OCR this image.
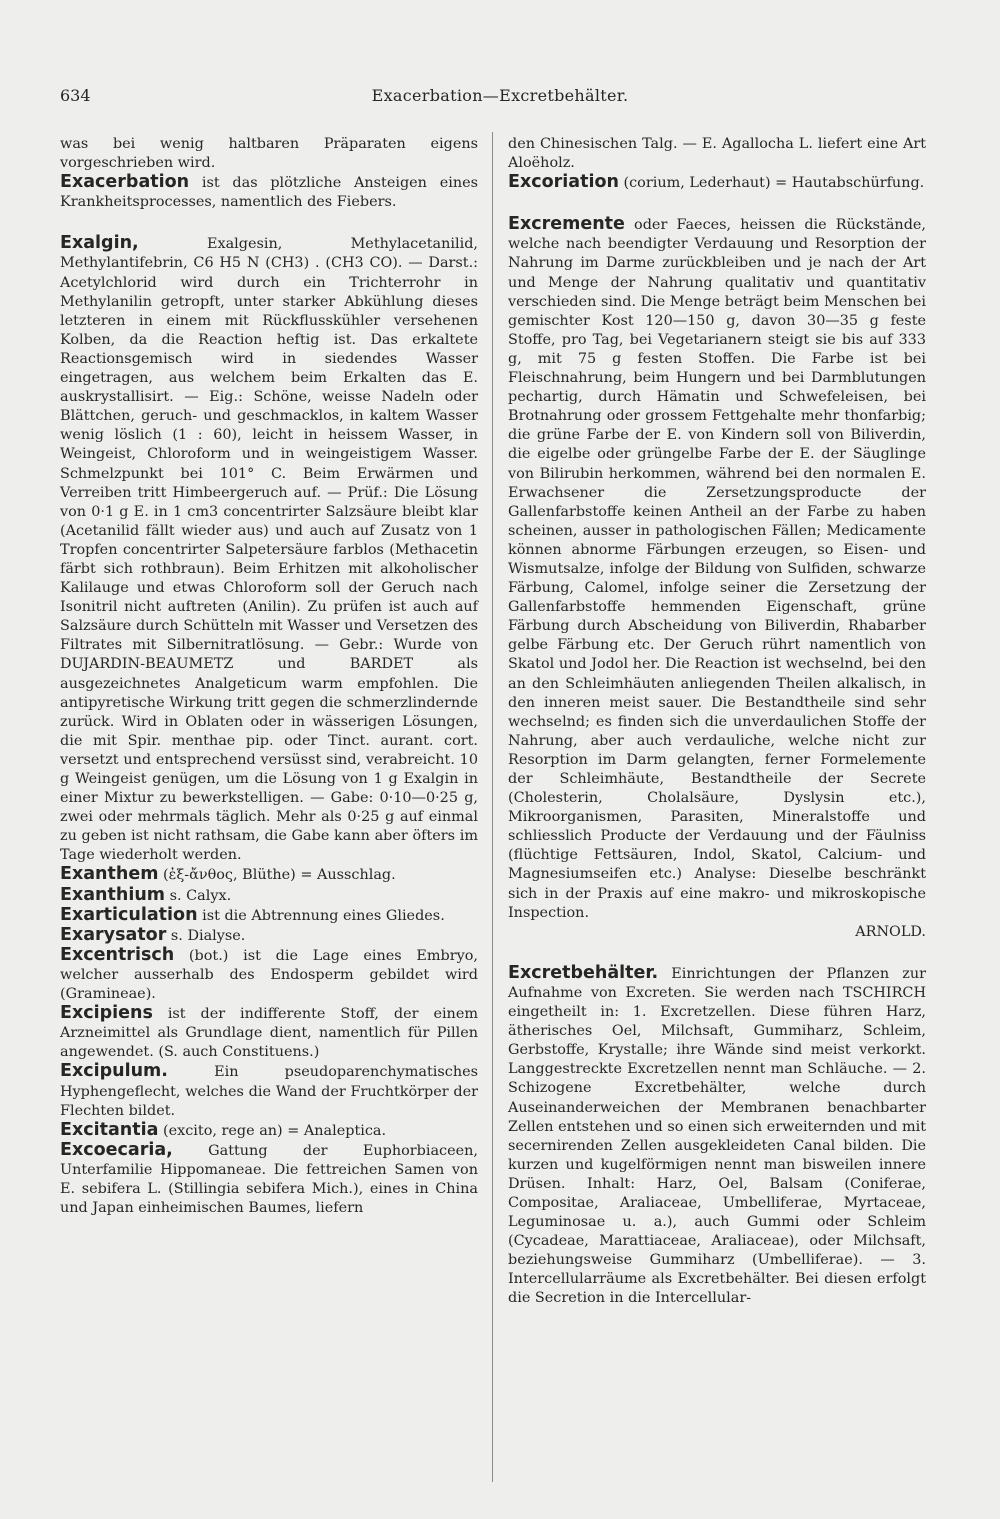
634	Exacerbation—Excretbehälter.

was bei wenig haltbaren Präparaten eigens vorgeschrieben wird.

Exacerbation ist das plötzliche Ansteigen eines Krankheitsprocesses, namentlich des Fiebers.

Exalgin, Exalgesin, Methylacetanilid, Methylantifebrin, C6 H5 N (CH3) . (CH3 CO). — Darst.: Acetylchlorid wird durch ein Trichterrohr in Methylanilin getropft, unter starker Abkühlung dieses letzteren in einem mit Rückflusskühler versehenen Kolben, da die Reaction heftig ist. Das erkaltete Reactionsgemisch wird in siedendes Wasser eingetragen, aus welchem beim Erkalten das E. auskrystallisirt. — Eig.: Schöne, weisse Nadeln oder Blättchen, geruch- und geschmacklos, in kaltem Wasser wenig löslich (1 : 60), leicht in heissem Wasser, in Weingeist, Chloroform und in weingeistigem Wasser. Schmelzpunkt bei 101° C. Beim Erwärmen und Verreiben tritt Himbeergeruch auf. — Prüf.: Die Lösung von 0·1 g E. in 1 cm3 concentrirter Salzsäure bleibt klar (Acetanilid fällt wieder aus) und auch auf Zusatz von 1 Tropfen concentrirter Salpetersäure farblos (Methacetin färbt sich rothbraun). Beim Erhitzen mit alkoholischer Kalilauge und etwas Chloroform soll der Geruch nach Isonitril nicht auftreten (Anilin). Zu prüfen ist auch auf Salzsäure durch Schütteln mit Wasser und Versetzen des Filtrates mit Silbernitratlösung. — Gebr.: Wurde von DUJARDIN-BEAUMETZ und BARDET als ausgezeichnetes Analgeticum warm empfohlen. Die antipyretische Wirkung tritt gegen die schmerzlindernde zurück. Wird in Oblaten oder in wässerigen Lösungen, die mit Spir. menthae pip. oder Tinct. aurant. cort. versetzt und entsprechend versüsst sind, verabreicht. 10 g Weingeist genügen, um die Lösung von 1 g Exalgin in einer Mixtur zu bewerkstelligen. — Gabe: 0·10—0·25 g, zwei oder mehrmals täglich. Mehr als 0·25 g auf einmal zu geben ist nicht rathsam, die Gabe kann aber öfters im Tage wiederholt werden.

Exanthem (ἐξ-ἄνθος, Blüthe) = Ausschlag.

Exanthium s. Calyx.

Exarticulation ist die Abtrennung eines Gliedes.

Exarysator s. Dialyse.

Excentrisch (bot.) ist die Lage eines Embryo, welcher ausserhalb des Endosperm gebildet wird (Gramineae).

Excipiens ist der indifferente Stoff, der einem Arzneimittel als Grundlage dient, namentlich für Pillen angewendet. (S. auch Constituens.)

Excipulum. Ein pseudoparenchymatisches Hyphengeflecht, welches die Wand der Fruchtkörper der Flechten bildet.

Excitantia (excito, rege an) = Analeptica.

Excoecaria, Gattung der Euphorbiaceen, Unterfamilie Hippomaneae. Die fettreichen Samen von E. sebifera L. (Stillingia sebifera Mich.), eines in China und Japan einheimischen Baumes, liefern

den Chinesischen Talg. — E. Agallocha L. liefert eine Art Aloëholz.

Excoriation (corium, Lederhaut) = Hautabschürfung.

Excremente oder Faeces, heissen die Rückstände, welche nach beendigter Verdauung und Resorption der Nahrung im Darme zurückbleiben und je nach der Art und Menge der Nahrung qualitativ und quantitativ verschieden sind. Die Menge beträgt beim Menschen bei gemischter Kost 120—150 g, davon 30—35 g feste Stoffe, pro Tag, bei Vegetarianern steigt sie bis auf 333 g, mit 75 g festen Stoffen. Die Farbe ist bei Fleischnahrung, beim Hungern und bei Darmblutungen pechartig, durch Hämatin und Schwefeleisen, bei Brotnahrung oder grossem Fettgehalte mehr thonfarbig; die grüne Farbe der E. von Kindern soll von Biliverdin, die eigelbe oder grüngelbe Farbe der E. der Säuglinge von Bilirubin herkommen, während bei den normalen E. Erwachsener die Zersetzungsproducte der Gallenfarbstoffe keinen Antheil an der Farbe zu haben scheinen, ausser in pathologischen Fällen; Medicamente können abnorme Färbungen erzeugen, so Eisen- und Wismutsalze, infolge der Bildung von Sulfiden, schwarze Färbung, Calomel, infolge seiner die Zersetzung der Gallenfarbstoffe hemmenden Eigenschaft, grüne Färbung durch Abscheidung von Biliverdin, Rhabarber gelbe Färbung etc. Der Geruch rührt namentlich von Skatol und Jodol her. Die Reaction ist wechselnd, bei den an den Schleimhäuten anliegenden Theilen alkalisch, in den inneren meist sauer. Die Bestandtheile sind sehr wechselnd; es finden sich die unverdaulichen Stoffe der Nahrung, aber auch verdauliche, welche nicht zur Resorption im Darm gelangten, ferner Formelemente der Schleimhäute, Bestandtheile der Secrete (Cholesterin, Cholalsäure, Dyslysin etc.), Mikroorganismen, Parasiten, Mineralstoffe und schliesslich Producte der Verdauung und der Fäulniss (flüchtige Fettsäuren, Indol, Skatol, Calcium- und Magnesiumseifen etc.) Analyse: Dieselbe beschränkt sich in der Praxis auf eine makro- und mikroskopische Inspection.

ARNOLD.

Excretbehälter. Einrichtungen der Pflanzen zur Aufnahme von Excreten. Sie werden nach TSCHIRCH eingetheilt in: 1. Excretzellen. Diese führen Harz, ätherisches Oel, Milchsaft, Gummiharz, Schleim, Gerbstoffe, Krystalle; ihre Wände sind meist verkorkt. Langgestreckte Excretzellen nennt man Schläuche. — 2. Schizogene Excretbehälter, welche durch Auseinanderweichen der Membranen benachbarter Zellen entstehen und so einen sich erweiternden und mit secernirenden Zellen ausgekleideten Canal bilden. Die kurzen und kugelförmigen nennt man bisweilen innere Drüsen. Inhalt: Harz, Oel, Balsam (Coniferae, Compositae, Araliaceae, Umbelliferae, Myrtaceae, Leguminosae u. a.), auch Gummi oder Schleim (Cycadeae, Marattiaceae, Araliaceae), oder Milchsaft, beziehungsweise Gummiharz (Umbelliferae). — 3. Intercellularräume als Excretbehälter. Bei diesen erfolgt die Secretion in die Intercellular-
